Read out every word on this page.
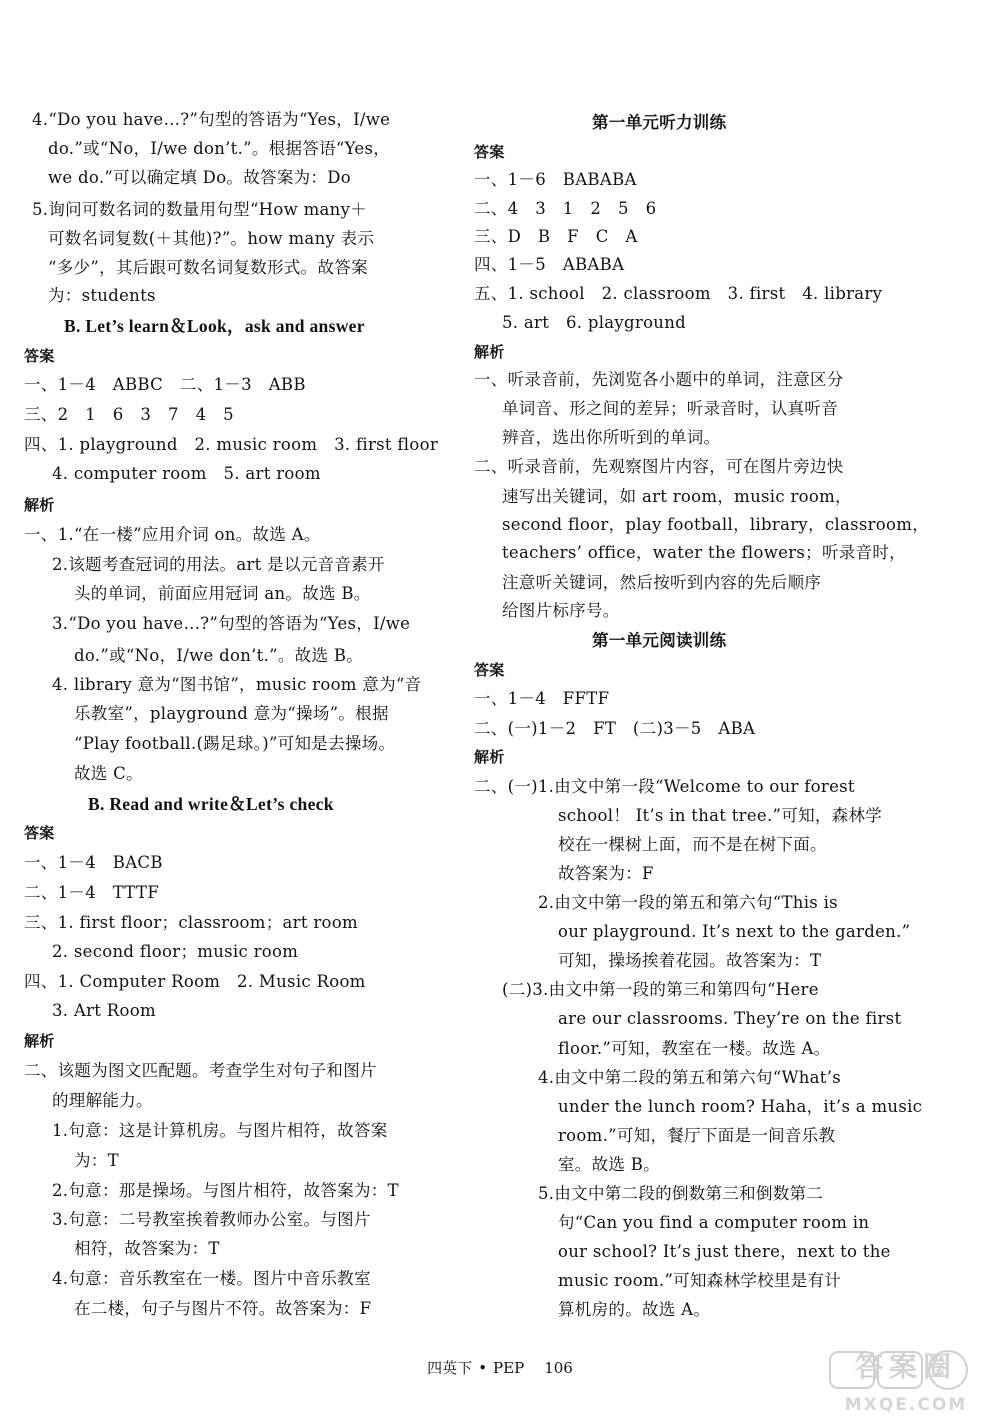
4.“Do you have…?”句型的答语为“Yes，I/we
do.”或“No，I/we don’t.”。根据答语“Yes，
we do.”可以确定填 Do。故答案为：Do
5.询问可数名词的数量用句型“How many＋
可数名词复数(＋其他)?”。how many 表示
“多少”，其后跟可数名词复数形式。故答案
为：students
B. Let’s learn＆Look，ask and answer
答案
一、1－4　ABBC　二、1－3　ABB
三、2　1　6　3　7　4　5
四、1. playground　2. music room　3. first floor
4. computer room　5. art room
解析
一、1.“在一楼”应用介词 on。故选 A。
2.该题考查冠词的用法。art 是以元音音素开
头的单词，前面应用冠词 an。故选 B。
3.“Do you have…?”句型的答语为“Yes，I/we
do.”或“No，I/we don’t.”。故选 B。
4. library 意为“图书馆”，music room 意为“音
乐教室”，playground 意为“操场”。根据
“Play football.(踢足球。)”可知是去操场。
故选 C。
B. Read and write＆Let’s check
答案
一、1－4　BACB
二、1－4　TTTF
三、1. first floor；classroom；art room
2. second floor；music room
四、1. Computer Room　2. Music Room
3. Art Room
解析
二、该题为图文匹配题。考查学生对句子和图片
的理解能力。
1.句意：这是计算机房。与图片相符，故答案
为：T
2.句意：那是操场。与图片相符，故答案为：T
3.句意：二号教室挨着教师办公室。与图片
相符，故答案为：T
4.句意：音乐教室在一楼。图片中音乐教室
在二楼，句子与图片不符。故答案为：F
第一单元听力训练
答案
一、1－6　BABABA
二、4　3　1　2　5　6
三、D　B　F　C　A
四、1－5　ABABA
五、1. school　2. classroom　3. first　4. library
5. art　6. playground
解析
一、听录音前，先浏览各小题中的单词，注意区分
单词音、形之间的差异；听录音时，认真听音
辨音，选出你所听到的单词。
二、听录音前，先观察图片内容，可在图片旁边快
速写出关键词，如 art room，music room，
second floor，play football，library，classroom，
teachers’ office，water the flowers；听录音时，
注意听关键词，然后按听到内容的先后顺序
给图片标序号。
第一单元阅读训练
答案
一、1－4　FFTF
二、(一)1－2　FT　(二)3－5　ABA
解析
二、(一)1.由文中第一段“Welcome to our forest
school！ It’s in that tree.”可知，森林学
校在一棵树上面，而不是在树下面。
故答案为：F
2.由文中第一段的第五和第六句“This is
our playground. It’s next to the garden.”
可知，操场挨着花园。故答案为：T
(二)3.由文中第一段的第三和第四句“Here
are our classrooms. They’re on the first
floor.”可知，教室在一楼。故选 A。
4.由文中第二段的第五和第六句“What’s
under the lunch room? Haha，it’s a music
room.”可知，餐厅下面是一间音乐教
室。故选 B。
5.由文中第二段的倒数第三和倒数第二
句“Can you find a computer room in
our school? It’s just there，next to the
music room.”可知森林学校里是有计
算机房的。故选 A。
四英下 • PEP 106	答案圈
MXQE.COM
